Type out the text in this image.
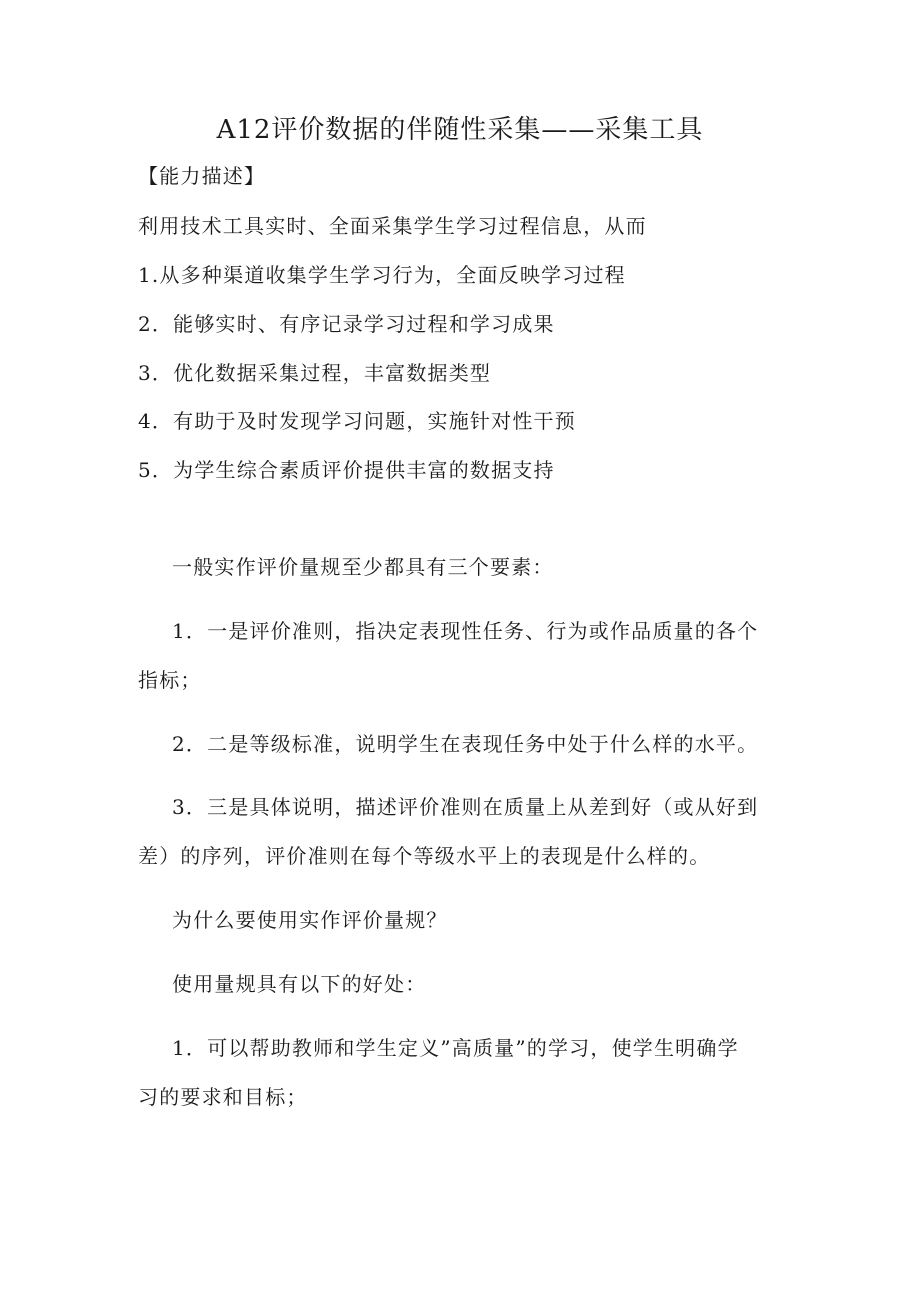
A12评价数据的伴随性采集——采集工具
【能力描述】
利用技术工具实时、全面采集学生学习过程信息，从而
1.从多种渠道收集学生学习行为，全面反映学习过程
2．能够实时、有序记录学习过程和学习成果
3．优化数据采集过程，丰富数据类型
4．有助于及时发现学习问题，实施针对性干预
5．为学生综合素质评价提供丰富的数据支持
一般实作评价量规至少都具有三个要素：
1．一是评价准则，指决定表现性任务、行为或作品质量的各个
指标；
2．二是等级标准，说明学生在表现任务中处于什么样的水平。
3．三是具体说明，描述评价准则在质量上从差到好（或从好到
差）的序列，评价准则在每个等级水平上的表现是什么样的。
为什么要使用实作评价量规？
使用量规具有以下的好处：
1．可以帮助教师和学生定义”高质量”的学习，使学生明确学
习的要求和目标；
